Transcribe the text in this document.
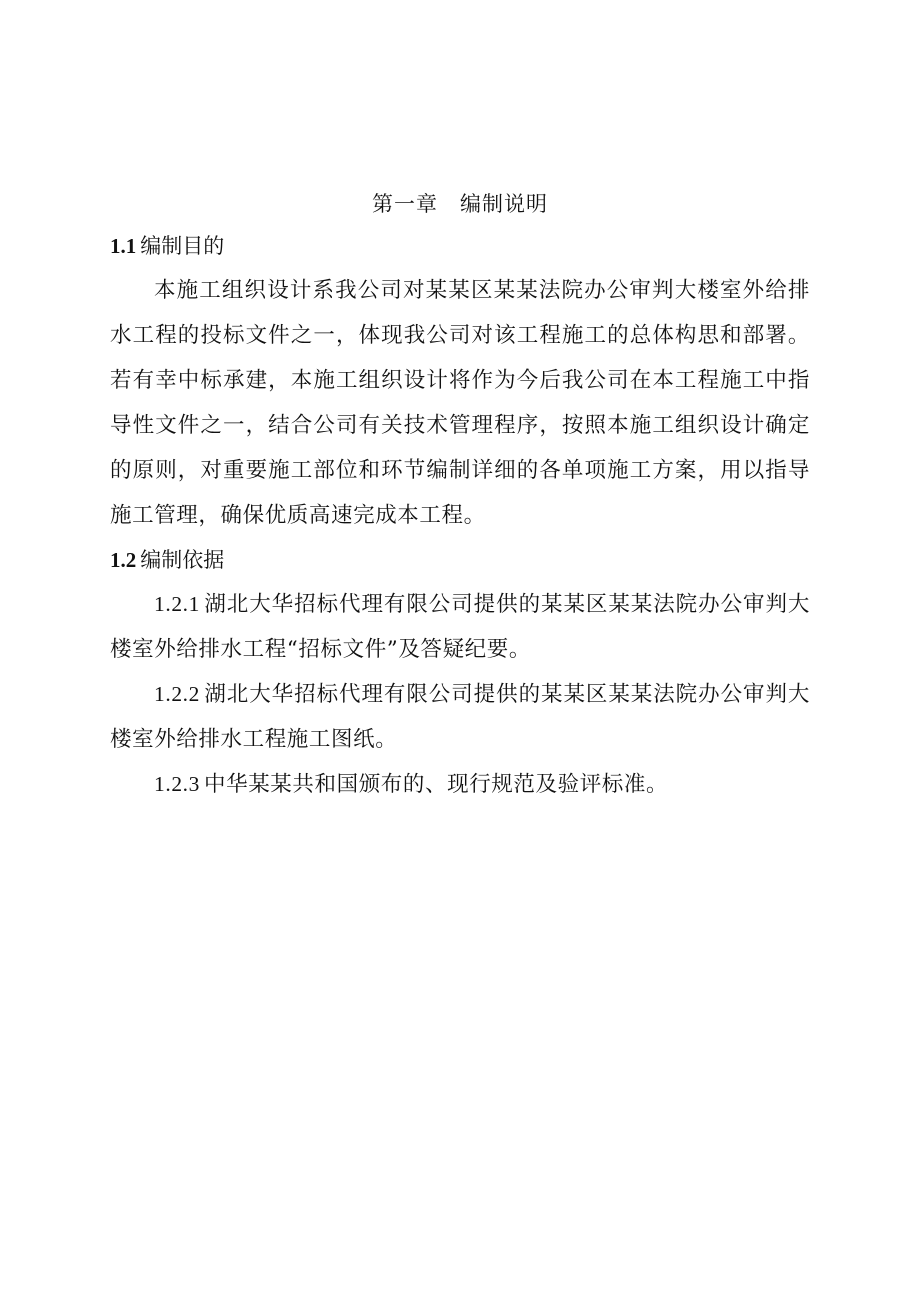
第一章 编制说明
1.1 编制目的

本施工组织设计系我公司对某某区某某法院办公审判大楼室外给排水工程的投标文件之一，体现我公司对该工程施工的总体构思和部署。若有幸中标承建，本施工组织设计将作为今后我公司在本工程施工中指导性文件之一，结合公司有关技术管理程序，按照本施工组织设计确定的原则，对重要施工部位和环节编制详细的各单项施工方案，用以指导施工管理，确保优质高速完成本工程。

1.2 编制依据

1.2.1 湖北大华招标代理有限公司提供的某某区某某法院办公审判大楼室外给排水工程“招标文件”及答疑纪要。

1.2.2 湖北大华招标代理有限公司提供的某某区某某法院办公审判大楼室外给排水工程施工图纸。

1.2.3 中华某某共和国颁布的、现行规范及验评标准。
